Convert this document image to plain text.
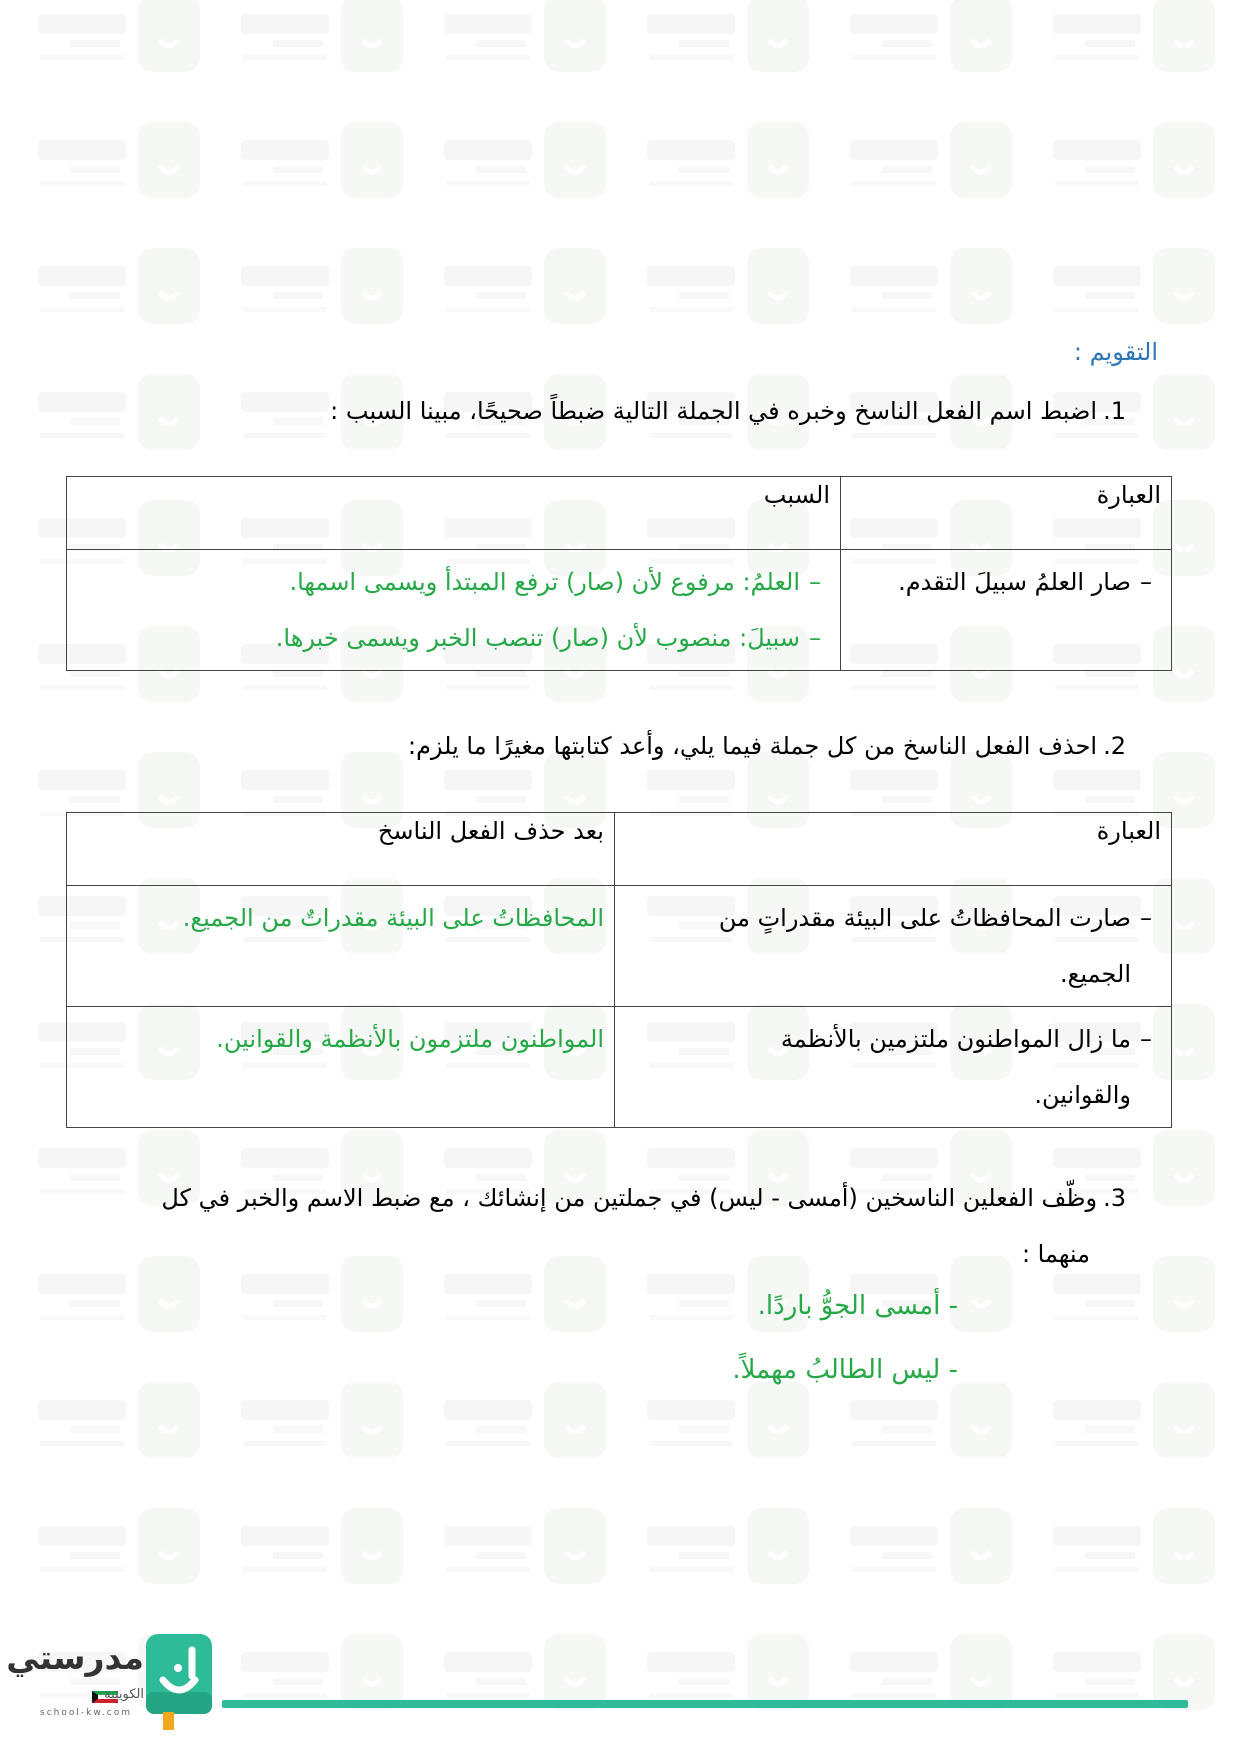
التقويم :
1.اضبط اسم الفعل الناسخ وخبره في الجملة التالية ضبطاً صحيحًا، مبينا السبب :
العبارة	السبب

–صار العلمُ سبيلَ التقدم.	–العلمُ: مرفوع لأن (صار) ترفع المبتدأ ويسمى اسمها.
–سبيلَ: منصوب لأن (صار) تنصب الخبر ويسمى خبرها.
2.احذف الفعل الناسخ من كل جملة فيما يلي، وأعد كتابتها مغيرًا ما يلزم:
العبارة	بعد حذف الفعل الناسخ

–صارت المحافظاتُ على البيئة مقدراتٍ من
الجميع.	المحافظاتُ على البيئة مقدراتٌ من الجميع.

–ما زال المواطنون ملتزمين بالأنظمة
والقوانين.	المواطنون ملتزمون بالأنظمة والقوانين.
3.وظّف الفعلين الناسخين (أمسى - ليس) في جملتين من إنشائك ، مع ضبط الاسم والخبر في كل
منهما :
- أمسى الجوُّ باردًا.
- ليس الطالبُ مهملاً.
مدرستي
الكويتية
school-kw.com
